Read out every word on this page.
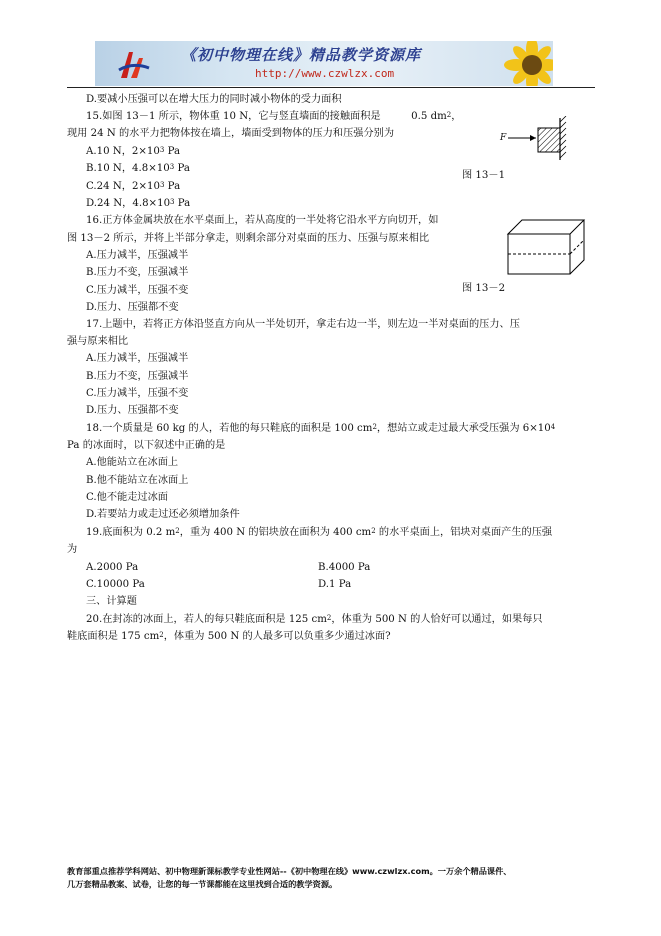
《初中物理在线》精品教学资源库
http://www.czwlzx.com
D.要减小压强可以在增大压力的同时减小物体的受力面积
15.如图 13－1 所示，物体重 10 N，它与竖直墙面的接触面积是　　　0.5 $dm^2$，
现用 24 N 的水平力把物体按在墙上，墙面受到物体的压力和压强分别为
A.10 N，$2\times 10^3$ Pa
B.10 N，$4.8\times 10^3$ Pa
C.24 N，$2\times 10^3$ Pa
D.24 N，$4.8\times 10^3$ Pa
16.正方体金属块放在水平桌面上，若从高度的一半处将它沿水平方向切开，如
图 13－2 所示，并将上半部分拿走，则剩余部分对桌面的压力、压强与原来相比
A.压力减半，压强减半
B.压力不变，压强减半
C.压力减半，压强不变
D.压力、压强都不变
17.上题中，若将正方体沿竖直方向从一半处切开，拿走右边一半，则左边一半对桌面的压力、压
强与原来相比
A.压力减半，压强减半
B.压力不变，压强减半
C.压力减半，压强不变
D.压力、压强都不变
18.一个质量是 60 kg 的人，若他的每只鞋底的面积是 100 $cm^2$，想站立或走过最大承受压强为 $6\times 10^4$
Pa 的冰面时，以下叙述中正确的是
A.他能站立在冰面上
B.他不能站立在冰面上
C.他不能走过冰面
D.若要站力或走过还必须增加条件
19.底面积为 0.2 $m^2$，重为 400 N 的铝块放在面积为 400 $cm^2$ 的水平桌面上，铝块对桌面产生的压强
为
A.2000 Pa	B.4000 Pa
C.10000 Pa	D.1 Pa
三、计算题
20.在封冻的冰面上，若人的每只鞋底面积是 125 $cm^2$，体重为 500 N 的人恰好可以通过，如果每只
鞋底面积是 175 $cm^2$，体重为 500 N 的人最多可以负重多少通过冰面?
F
图 13－1
图 13－2
教育部重点推荐学科网站、初中物理新课标教学专业性网站--《初中物理在线》www.czwlzx.com。一万余个精品课件、
几万套精品教案、试卷，让您的每一节课都能在这里找到合适的教学资源。
